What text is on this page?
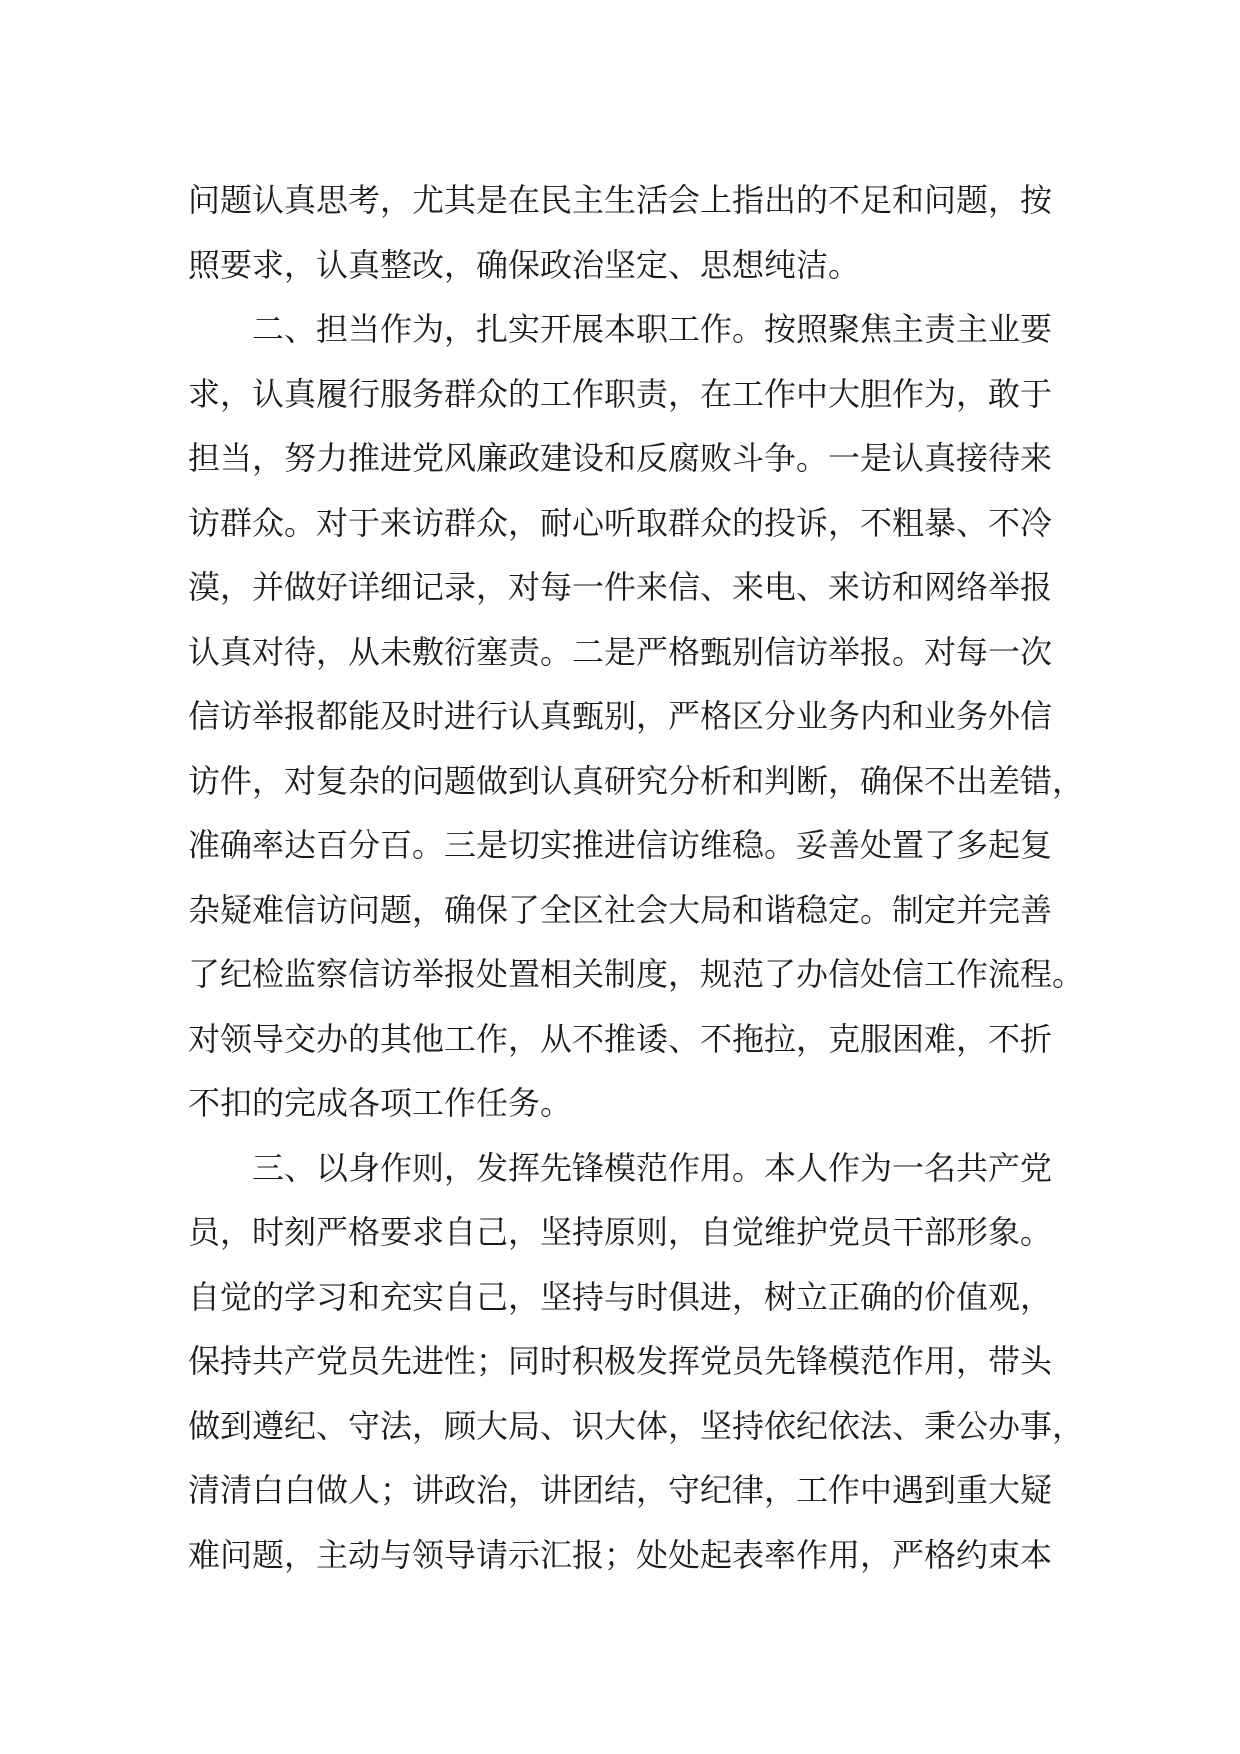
问题认真思考，尤其是在民主生活会上指出的不足和问题，按
照要求，认真整改，确保政治坚定、思想纯洁。
二、担当作为，扎实开展本职工作。按照聚焦主责主业要
求，认真履行服务群众的工作职责，在工作中大胆作为，敢于
担当，努力推进党风廉政建设和反腐败斗争。一是认真接待来
访群众。对于来访群众，耐心听取群众的投诉，不粗暴、不冷
漠，并做好详细记录，对每一件来信、来电、来访和网络举报
认真对待，从未敷衍塞责。二是严格甄别信访举报。对每一次
信访举报都能及时进行认真甄别，严格区分业务内和业务外信
访件，对复杂的问题做到认真研究分析和判断，确保不出差错，
准确率达百分百。三是切实推进信访维稳。妥善处置了多起复
杂疑难信访问题，确保了全区社会大局和谐稳定。制定并完善
了纪检监察信访举报处置相关制度，规范了办信处信工作流程。
对领导交办的其他工作，从不推诿、不拖拉，克服困难，不折
不扣的完成各项工作任务。
三、以身作则，发挥先锋模范作用。本人作为一名共产党
员，时刻严格要求自己，坚持原则，自觉维护党员干部形象。
自觉的学习和充实自己，坚持与时俱进，树立正确的价值观，
保持共产党员先进性；同时积极发挥党员先锋模范作用，带头
做到遵纪、守法，顾大局、识大体，坚持依纪依法、秉公办事，
清清白白做人；讲政治，讲团结，守纪律，工作中遇到重大疑
难问题，主动与领导请示汇报；处处起表率作用，严格约束本
